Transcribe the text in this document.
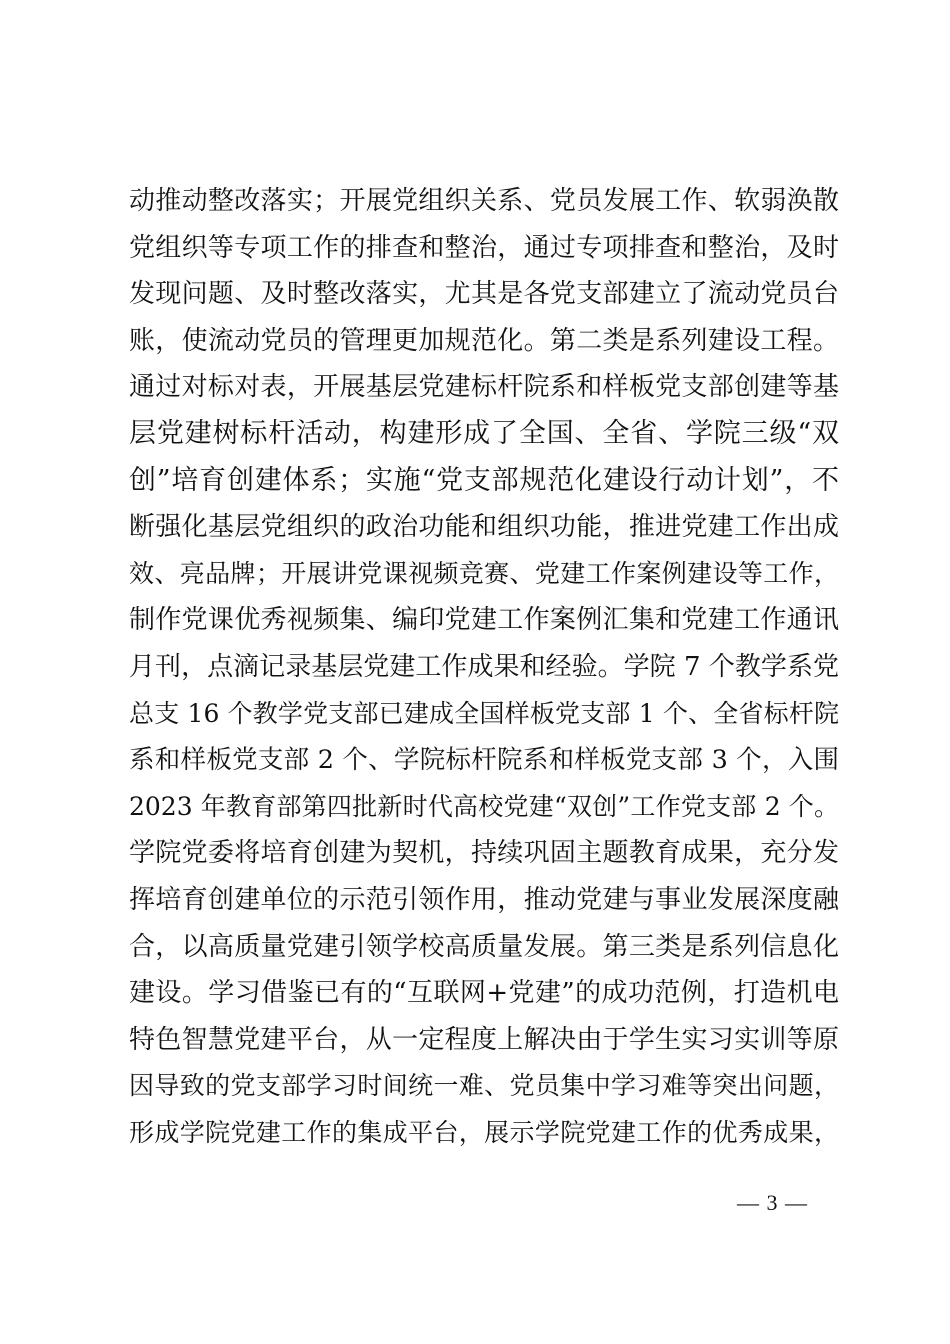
动推动整改落实；开展党组织关系、党员发展工作、软弱涣散
党组织等专项工作的排查和整治，通过专项排查和整治，及时
发现问题、及时整改落实，尤其是各党支部建立了流动党员台
账，使流动党员的管理更加规范化。第二类是系列建设工程。
通过对标对表，开展基层党建标杆院系和样板党支部创建等基
层党建树标杆活动，构建形成了全国、全省、学院三级“双
创”培育创建体系；实施“党支部规范化建设行动计划”，不
断强化基层党组织的政治功能和组织功能，推进党建工作出成
效、亮品牌；开展讲党课视频竞赛、党建工作案例建设等工作，
制作党课优秀视频集、编印党建工作案例汇集和党建工作通讯
月刊，点滴记录基层党建工作成果和经验。学院 7 个教学系党
总支 16 个教学党支部已建成全国样板党支部 1 个、全省标杆院
系和样板党支部 2 个、学院标杆院系和样板党支部 3 个，入围
2023 年教育部第四批新时代高校党建“双创”工作党支部 2 个。
学院党委将培育创建为契机，持续巩固主题教育成果，充分发
挥培育创建单位的示范引领作用，推动党建与事业发展深度融
合，以高质量党建引领学校高质量发展。第三类是系列信息化
建设。学习借鉴已有的“互联网+党建”的成功范例，打造机电
特色智慧党建平台，从一定程度上解决由于学生实习实训等原
因导致的党支部学习时间统一难、党员集中学习难等突出问题，
形成学院党建工作的集成平台，展示学院党建工作的优秀成果，
— 3 —
